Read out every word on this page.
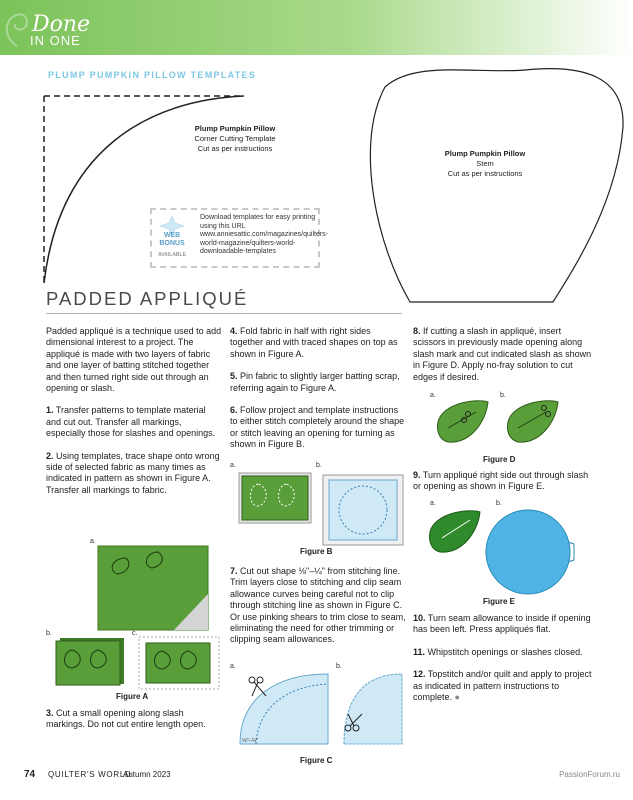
Done
IN ONE
PLUMP PUMPKIN PILLOW TEMPLATES
Plump Pumpkin Pillow
Corner Cutting Template
Cut as per instructions
Plump Pumpkin Pillow
Stem
Cut as per instructions
WEB
BONUS
AVAILABLE
Download templates for easy printing using this URL www.anniesattic.com/magazines/quilters-world-magazine/quilters-world-downloadable-templates
PADDED APPLIQUÉ

Padded appliqué is a technique used to add dimensional interest to a project. The appliqué is made with two layers of fabric and one layer of batting stitched together and then turned right side out through an opening or slash.

1. Transfer patterns to template material and cut out. Transfer all markings, especially those for slashes and openings.

2. Using templates, trace shape onto wrong side of selected fabric as many times as indicated in pattern as shown in Figure A. Transfer all markings to fabric.

a.
b.	c.
Figure A

3. Cut a small opening along slash markings. Do not cut entire length open.

4. Fold fabric in half with right sides together and with traced shapes on top as shown in Figure A.

5. Pin fabric to slightly larger batting scrap, referring again to Figure A.

6. Follow project and template instructions to either stitch completely around the shape or stitch leaving an opening for turning as shown in Figure B.

a.	b.
Figure B

7. Cut out shape ⅛"–¼" from stitching line. Trim layers close to stitching and clip seam allowance curves being careful not to clip through stitching line as shown in Figure C. Or use pinking shears to trim close to seam, eliminating the need for other trimming or clipping seam allowances.

a.
⅛"–¼"
b.
Figure C

8. If cutting a slash in appliqué, insert scissors in previously made opening along slash mark and cut indicated slash as shown in Figure D. Apply no-fray solution to cut edges if desired.

a.	b.
Figure D

9. Turn appliqué right side out through slash or opening as shown in Figure E.

a.	b.
Figure E

10. Turn seam allowance to inside if opening has been left. Press appliqués flat.

11. Whipstitch openings or slashes closed.

12. Topstitch and/or quilt and apply to project as indicated in pattern instructions to complete. ●

74 QUILTER'S WORLD
Autumn 2023	PassionForum.ru
